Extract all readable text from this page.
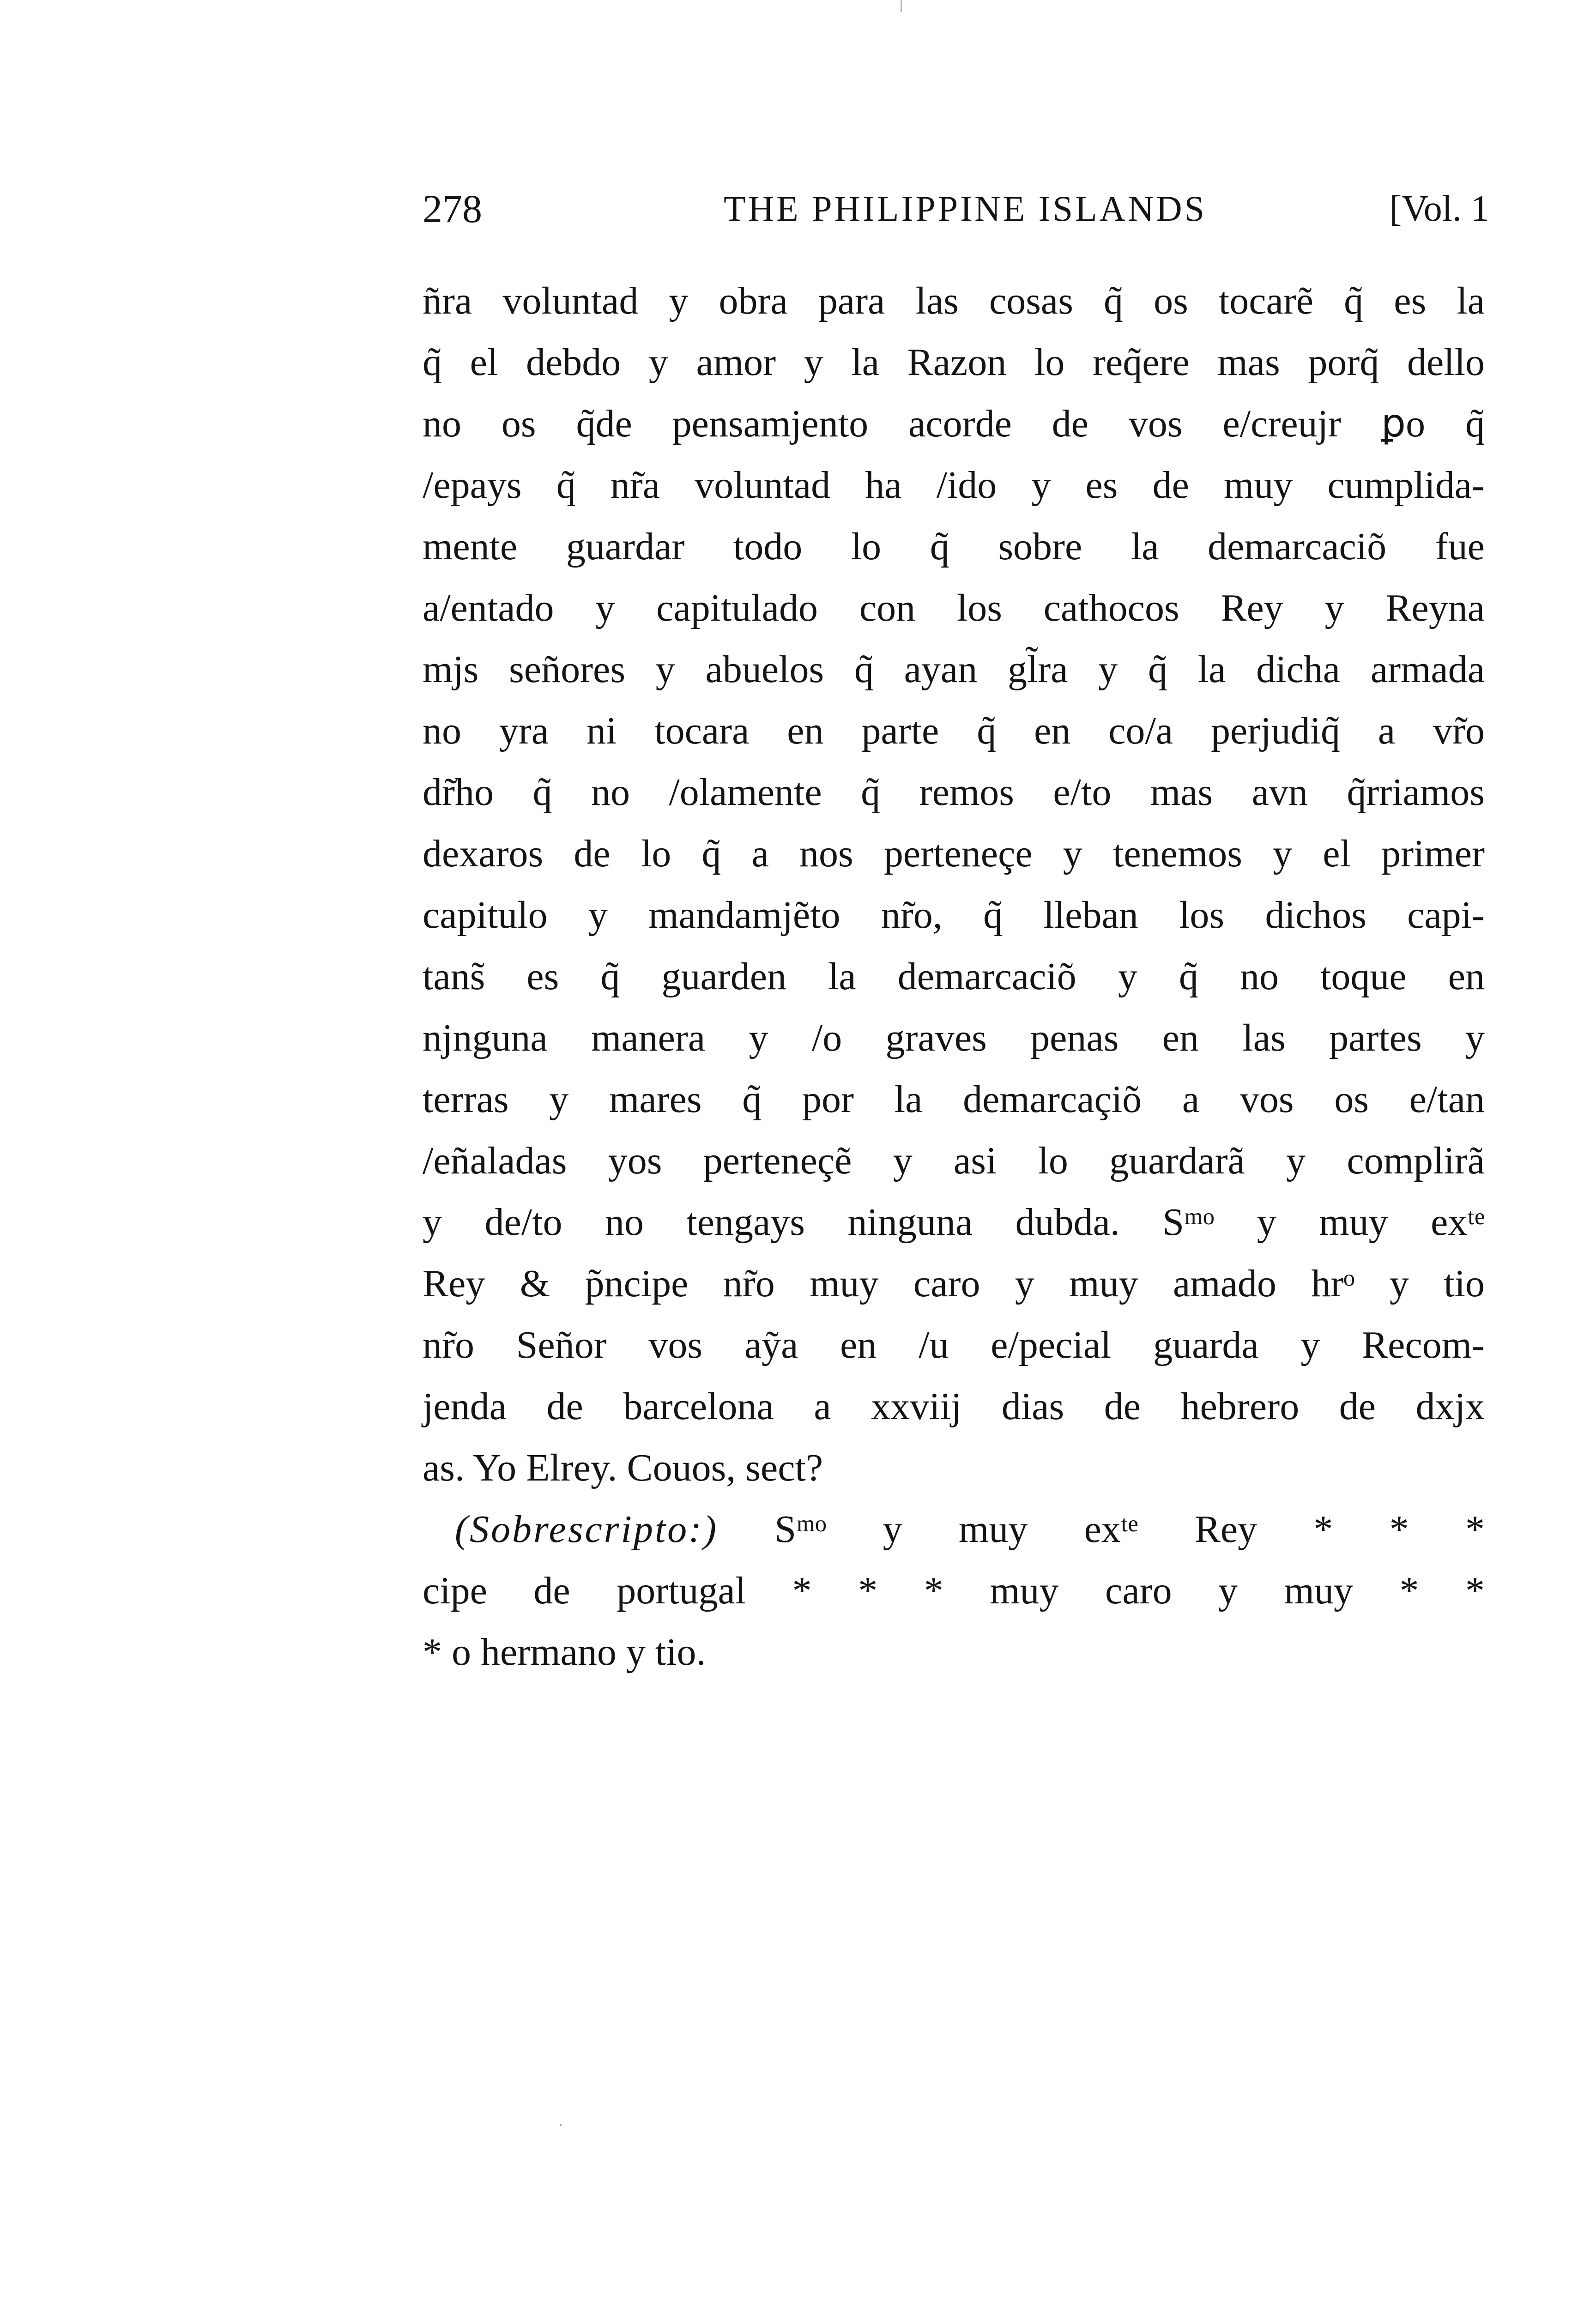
278	THE PHILIPPINE ISLANDS	[Vol. 1
ñra voluntad y obra para las cosas q̃ os tocarẽ q̃ es la
q̃ el debdo y amor y la Razon lo req̃ere mas porq̃ dello
no os q̃de pensamjento acorde de vos e/creujr ꝑo q̃
/epays q̃ nr̃a voluntad ha /ido y es de muy cumplida-
mente guardar todo lo q̃ sobre la demarcaciõ fue
a/entado y capitulado con los cathocos Rey y Reyna
mjs señores y abuelos q̃ ayan gl̃ra y q̃ la dicha armada
no yra ni tocara en parte q̃ en co/a perjudiq̃ a vr̃o
dr̃ho q̃ no /olamente q̃ remos e/to mas avn q̃rriamos
dexaros de lo q̃ a nos perteneçe y tenemos y el primer
capitulo y mandamjẽto nr̃o, q̃ lleban los dichos capi-
tans̃ es q̃ guarden la demarcaciõ y q̃ no toque en
njnguna manera y /o graves penas en las partes y
terras y mares q̃ por la demarcaçiõ a vos os e/tan
/eñaladas yos perteneçẽ y asi lo guardarã y complirã
y de/to no tengays ninguna dubda. Sᵐᵒ y muy exᵗᵉ
Rey & p̃ncipe nr̃o muy caro y muy amado hrᵒ y tio
nr̃o Señor vos aỹa en /u e/pecial guarda y Recom-
jenda de barcelona a xxviij dias de hebrero de dxjx
as. Yo Elrey. Couos, sect?
(Sobrescripto:) Sᵐᵒ y muy exᵗᵉ Rey * * *
cipe de portugal * * * muy caro y muy * *
* o hermano y tio.
